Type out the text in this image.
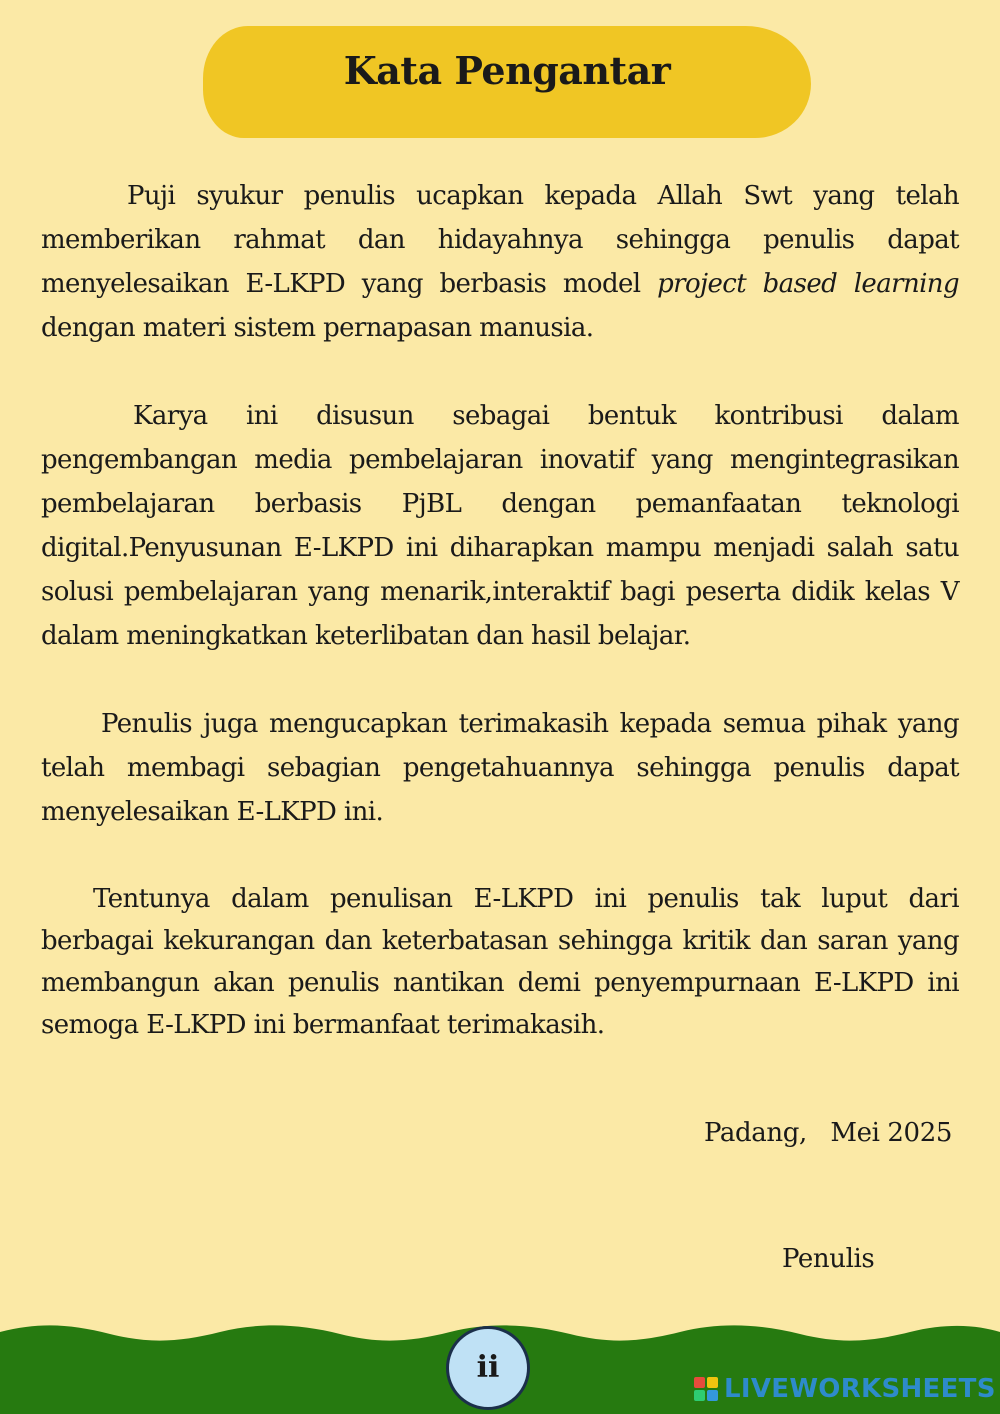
Kata Pengantar

Puji syukur penulis ucapkan kepada Allah Swt yang telah memberikan rahmat dan hidayahnya sehingga penulis dapat menyelesaikan E-LKPD yang berbasis model project based learning dengan materi sistem pernapasan manusia.

Karya ini disusun sebagai bentuk kontribusi dalam pengembangan media pembelajaran inovatif yang mengintegrasikan pembelajaran berbasis PjBL dengan pemanfaatan teknologi digital.Penyusunan E-LKPD ini diharapkan mampu menjadi salah satu solusi pembelajaran yang menarik,interaktif bagi peserta didik kelas V dalam meningkatkan keterlibatan dan hasil belajar.

Penulis juga mengucapkan terimakasih kepada semua pihak yang telah membagi sebagian pengetahuannya sehingga penulis dapat menyelesaikan E-LKPD ini.

Tentunya dalam penulisan E-LKPD ini penulis tak luput dari berbagai kekurangan dan keterbatasan sehingga kritik dan saran yang membangun akan penulis nantikan demi penyempurnaan E-LKPD ini semoga E-LKPD ini bermanfaat terimakasih.

Padang,   Mei 2025
Penulis
ii
LIVEWORKSHEETS
